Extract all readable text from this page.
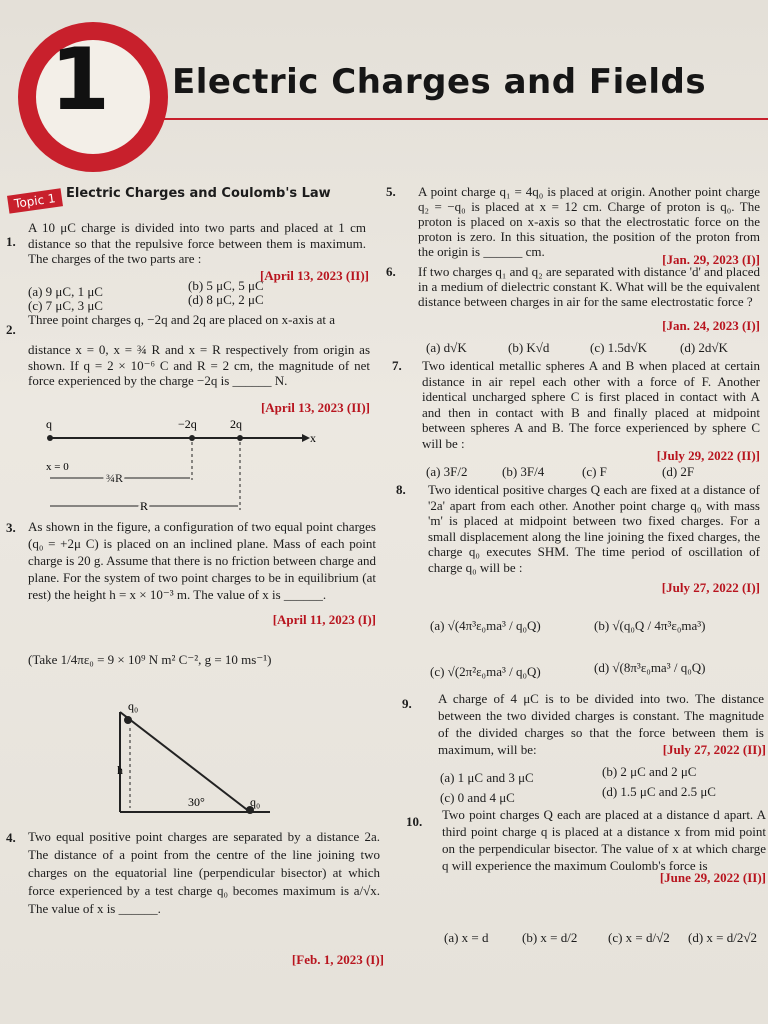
1 Electric Charges and Fields
Topic 1 Electric Charges and Coulomb's Law
1.
A 10 μC charge is divided into two parts and placed at 1 cm distance so that the repulsive force between them is maximum. The charges of the two parts are :
[April 13, 2023 (II)]
(a) 9 μC, 1 μC	(b) 5 μC, 5 μC
(c) 7 μC, 3 μC	(d) 8 μC, 2 μC
2.
Three point charges q, −2q and 2q are placed on x-axis at a
distance x = 0, x = ¾ R and x = R respectively from origin as shown. If q = 2 × 10⁻⁶ C and R = 2 cm, the magnitude of net force experienced by the charge −2q is ______ N.
[April 13, 2023 (II)]
q	−2q	2q
x
x = 0
¾R
R
3. As shown in the figure, a configuration of two equal point charges (q₀ = +2μ C) is placed on an inclined plane. Mass of each point charge is 20 g. Assume that there is no friction between charge and plane. For the system of two point charges to be in equilibrium (at rest) the height h = x × 10⁻³ m. The value of x is ______.
[April 11, 2023 (I)]
(Take 1/4πε₀ = 9 × 10⁹ N m² C⁻², g = 10 ms⁻¹)
q₀
q₀
h
30°
4. Two equal positive point charges are separated by a distance 2a. The distance of a point from the centre of the line joining two charges on the equatorial line (perpendicular bisector) at which force experienced by a test charge q₀ becomes maximum is a/√x. The value of x is ______.
[Feb. 1, 2023 (I)]
5. A point charge q₁ = 4q₀ is placed at origin. Another point charge q₂ = −q₀ is placed at x = 12 cm. Charge of proton is q₀. The proton is placed on x-axis so that the electrostatic force on the proton is zero. In this situation, the position of the proton from the origin is ______ cm.
[Jan. 29, 2023 (I)]
6. If two charges q₁ and q₂ are separated with distance 'd' and placed in a medium of dielectric constant K. What will be the equivalent distance between charges in air for the same electrostatic force ?
[Jan. 24, 2023 (I)]
(a) d√K	(b) K√d	(c) 1.5d√K	(d) 2d√K
7. Two identical metallic spheres A and B when placed at certain distance in air repel each other with a force of F. Another identical uncharged sphere C is first placed in contact with A and then in contact with B and finally placed at midpoint between spheres A and B. The force experienced by sphere C will be :
[July 29, 2022 (II)]
(a) 3F/2	(b) 3F/4	(c) F	(d) 2F
8. Two identical positive charges Q each are fixed at a distance of '2a' apart from each other. Another point charge q₀ with mass 'm' is placed at midpoint between two fixed charges. For a small displacement along the line joining the fixed charges, the charge q₀ executes SHM. The time period of oscillation of charge q₀ will be :
[July 27, 2022 (I)]
(a) √(4π³ε₀ma³ / q₀Q)	(b) √(q₀Q / 4π³ε₀ma³)
(c) √(2π²ε₀ma³ / q₀Q)	(d) √(8π³ε₀ma³ / q₀Q)
9. A charge of 4 μC is to be divided into two. The distance between the two divided charges is constant. The magnitude of the divided charges so that the force between them is maximum, will be:	[July 27, 2022 (II)]
(a) 1 μC and 3 μC	(b) 2 μC and 2 μC
(c) 0 and 4 μC	(d) 1.5 μC and 2.5 μC
10. Two point charges Q each are placed at a distance d apart. A third point charge q is placed at a distance x from mid point on the perpendicular bisector. The value of x at which charge q will experience the maximum Coulomb's force is
[June 29, 2022 (II)]
(a) x = d	(b) x = d/2 (c) x = d/√2 (d) x = d/2√2
